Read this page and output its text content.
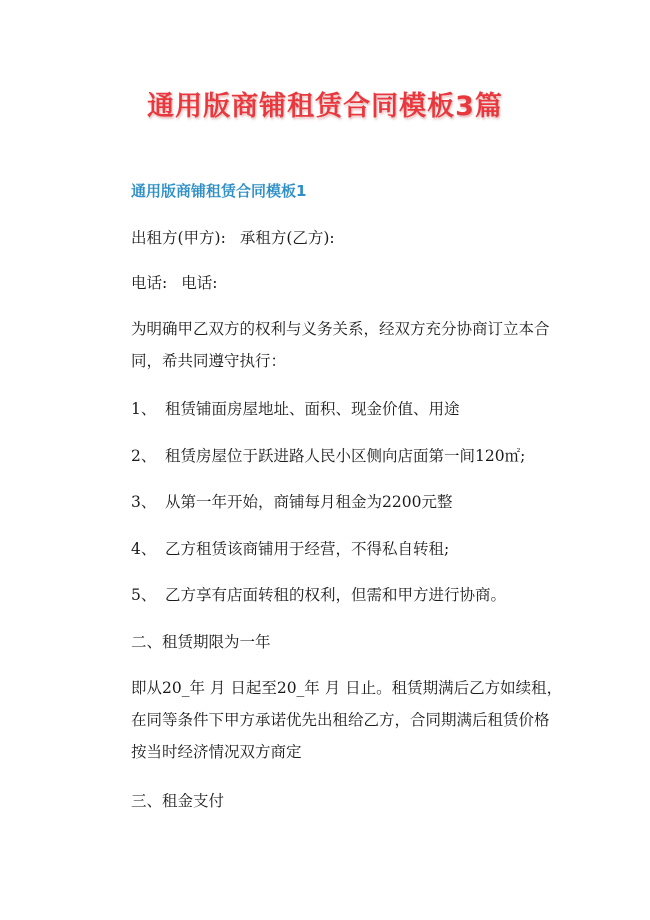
通用版商铺租赁合同模板3篇
通用版商铺租赁合同模板1

出租方(甲方): 承租方(乙方):

电话: 电话:

为明确甲乙双方的权利与义务关系，经双方充分协商订立本合同，希共同遵守执行：

1、 租赁铺面房屋地址、面积、现金价值、用途

2、 租赁房屋位于跃进路人民小区侧向店面第一间120㎡;

3、 从第一年开始，商铺每月租金为2200元整

4、 乙方租赁该商铺用于经营，不得私自转租;

5、 乙方享有店面转租的权利，但需和甲方进行协商。

二、租赁期限为一年

即从20_年 月 日起至20_年 月 日止。租赁期满后乙方如续租，在同等条件下甲方承诺优先出租给乙方，合同期满后租赁价格按当时经济情况双方商定

三、租金支付
